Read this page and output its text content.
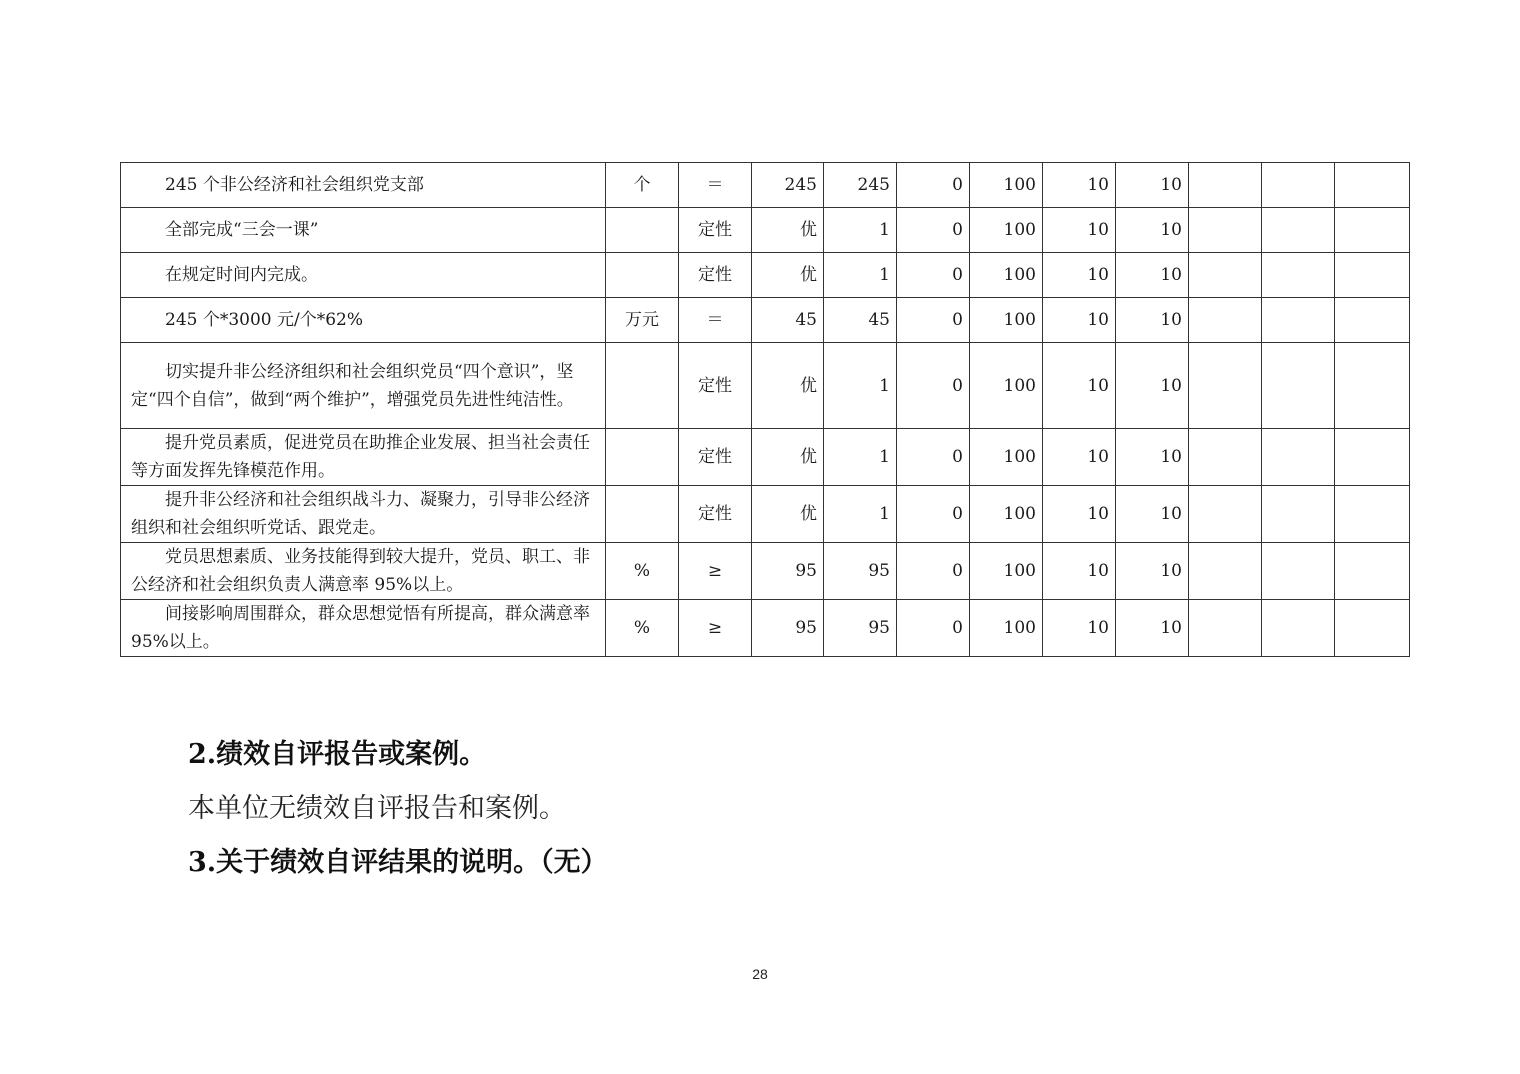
245 个非公经济和社会组织党支部	个	＝	245	245	0	100	10	10			
全部完成“三会一课”		定性	优	1	0	100	10	10			
在规定时间内完成。		定性	优	1	0	100	10	10			
245 个*3000 元/个*62%	万元	＝	45	45	0	100	10	10			
切实提升非公经济组织和社会组织党员“四个意识”，坚定“四个自信”，做到“两个维护”，增强党员先进性纯洁性。		定性	优	1	0	100	10	10			
提升党员素质，促进党员在助推企业发展、担当社会责任等方面发挥先锋模范作用。		定性	优	1	0	100	10	10			
提升非公经济和社会组织战斗力、凝聚力，引导非公经济组织和社会组织听党话、跟党走。		定性	优	1	0	100	10	10			
党员思想素质、业务技能得到较大提升，党员、职工、非公经济和社会组织负责人满意率 95%以上。	%	≥	95	95	0	100	10	10			
间接影响周围群众，群众思想觉悟有所提高，群众满意率 95%以上。	%	≥	95	95	0	100	10	10			
2.绩效自评报告或案例。
本单位无绩效自评报告和案例。
3.关于绩效自评结果的说明。（无）
28
